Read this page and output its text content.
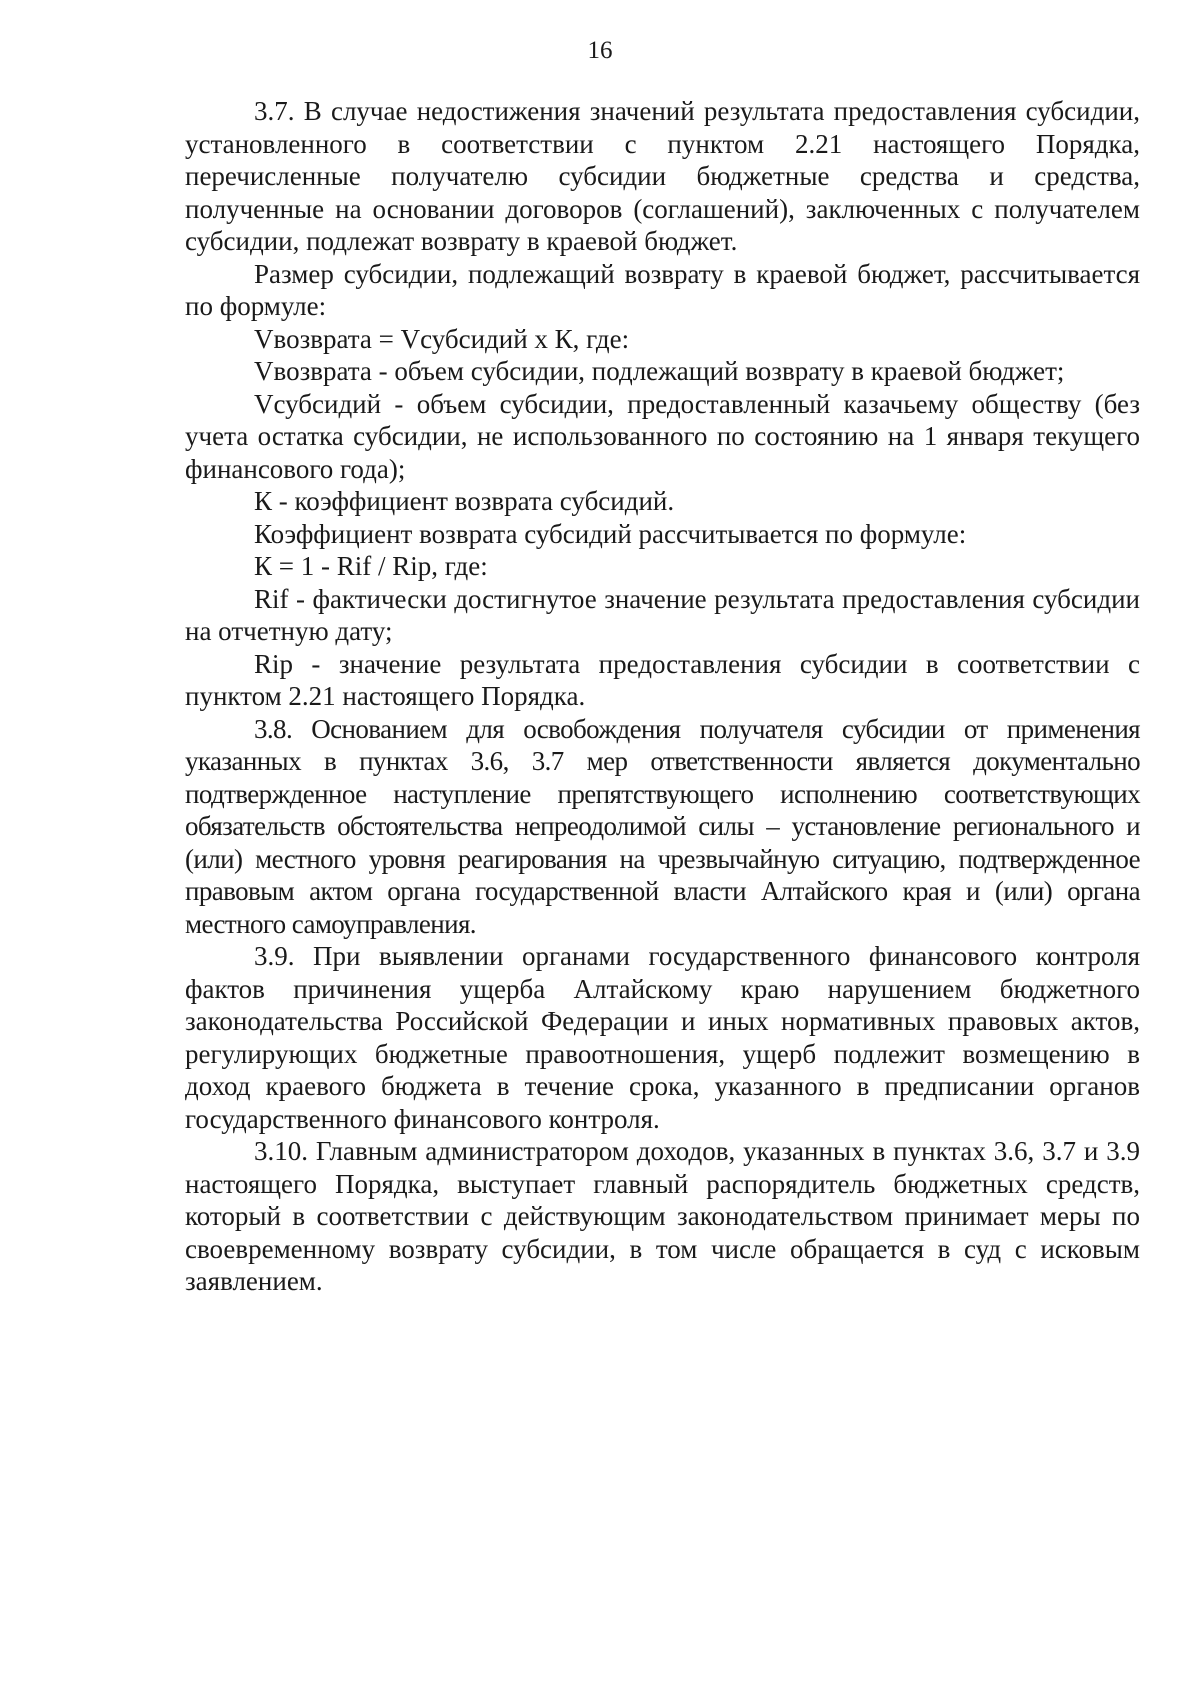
16

3.7. В случае недостижения значений результата предоставления субсидии, установленного в соответствии с пунктом 2.21 настоящего Порядка, перечисленные получателю субсидии бюджетные средства и средства, полученные на основании договоров (соглашений), заключенных с получателем субсидии, подлежат возврату в краевой бюджет.

Размер субсидии, подлежащий возврату в краевой бюджет, рассчитывается по формуле:

Vвозврата = Vсубсидий х К, где:

Vвозврата - объем субсидии, подлежащий возврату в краевой бюджет;

Vсубсидий - объем субсидии, предоставленный казачьему обществу (без учета остатка субсидии, не использованного по состоянию на 1 января текущего финансового года);

К - коэффициент возврата субсидий.

Коэффициент возврата субсидий рассчитывается по формуле:

К = 1 - Rif / Rip, где:

Rif - фактически достигнутое значение результата предоставления субсидии на отчетную дату;

Rip - значение результата предоставления субсидии в соответствии с пунктом 2.21 настоящего Порядка.

3.8. Основанием для освобождения получателя субсидии от применения указанных в пунктах 3.6, 3.7 мер ответственности является документально подтвержденное наступление препятствующего исполнению соответствующих обязательств обстоятельства непреодолимой силы – установление регионального и (или) местного уровня реагирования на чрезвычайную ситуацию, подтвержденное правовым актом органа государственной власти Алтайского края и (или) органа местного самоуправления.

3.9. При выявлении органами государственного финансового контроля фактов причинения ущерба Алтайскому краю нарушением бюджетного законодательства Российской Федерации и иных нормативных правовых актов, регулирующих бюджетные правоотношения, ущерб подлежит возмещению в доход краевого бюджета в течение срока, указанного в предписании органов государственного финансового контроля.

3.10. Главным администратором доходов, указанных в пунктах 3.6, 3.7 и 3.9 настоящего Порядка, выступает главный распорядитель бюджетных средств, который в соответствии с действующим законодательством принимает меры по своевременному возврату субсидии, в том числе обращается в суд с исковым заявлением.
